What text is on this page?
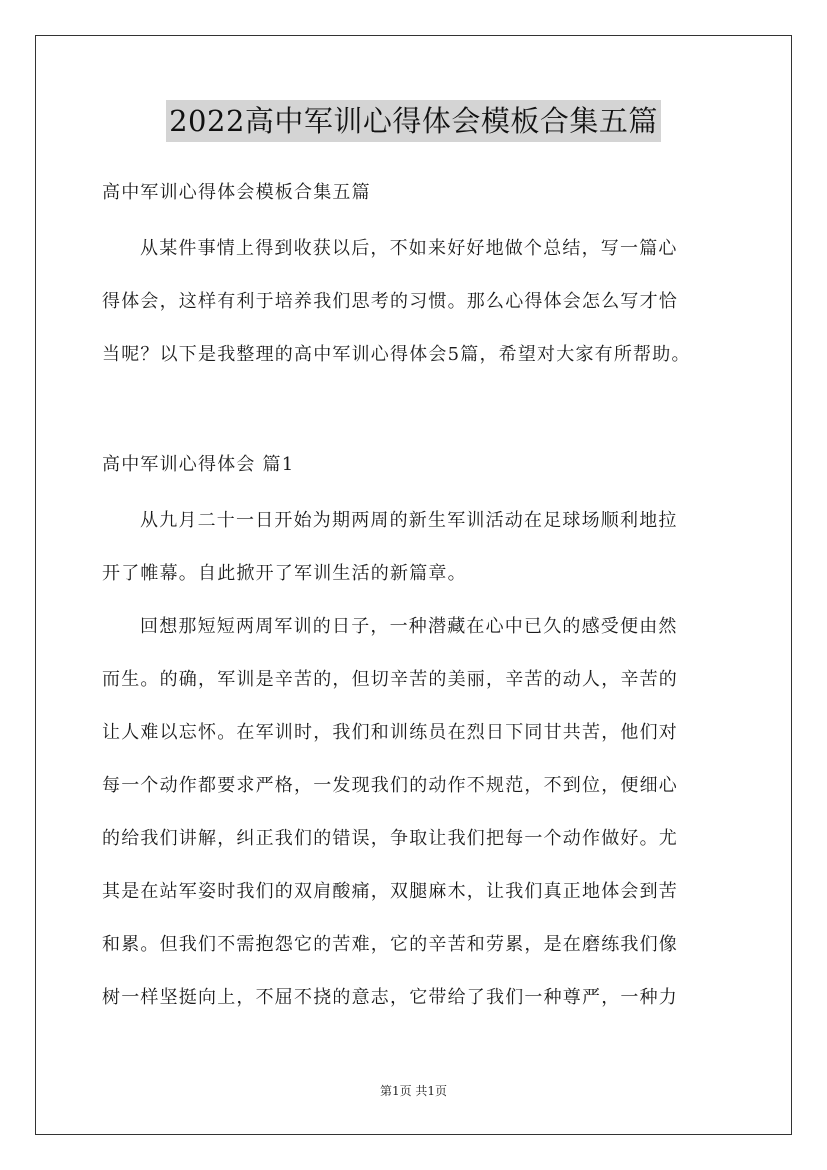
2022高中军训心得体会模板合集五篇
高中军训心得体会模板合集五篇
从某件事情上得到收获以后，不如来好好地做个总结，写一篇心
得体会，这样有利于培养我们思考的习惯。那么心得体会怎么写才恰
当呢？以下是我整理的高中军训心得体会5篇，希望对大家有所帮助。
高中军训心得体会 篇1
从九月二十一日开始为期两周的新生军训活动在足球场顺利地拉
开了帷幕。自此掀开了军训生活的新篇章。
回想那短短两周军训的日子，一种潜藏在心中已久的感受便由然
而生。的确，军训是辛苦的，但切辛苦的美丽，辛苦的动人，辛苦的
让人难以忘怀。在军训时，我们和训练员在烈日下同甘共苦，他们对
每一个动作都要求严格，一发现我们的动作不规范，不到位，便细心
的给我们讲解，纠正我们的错误，争取让我们把每一个动作做好。尤
其是在站军姿时我们的双肩酸痛，双腿麻木，让我们真正地体会到苦
和累。但我们不需抱怨它的苦难，它的辛苦和劳累，是在磨练我们像
树一样坚挺向上，不屈不挠的意志，它带给了我们一种尊严，一种力
第1页 共1页
